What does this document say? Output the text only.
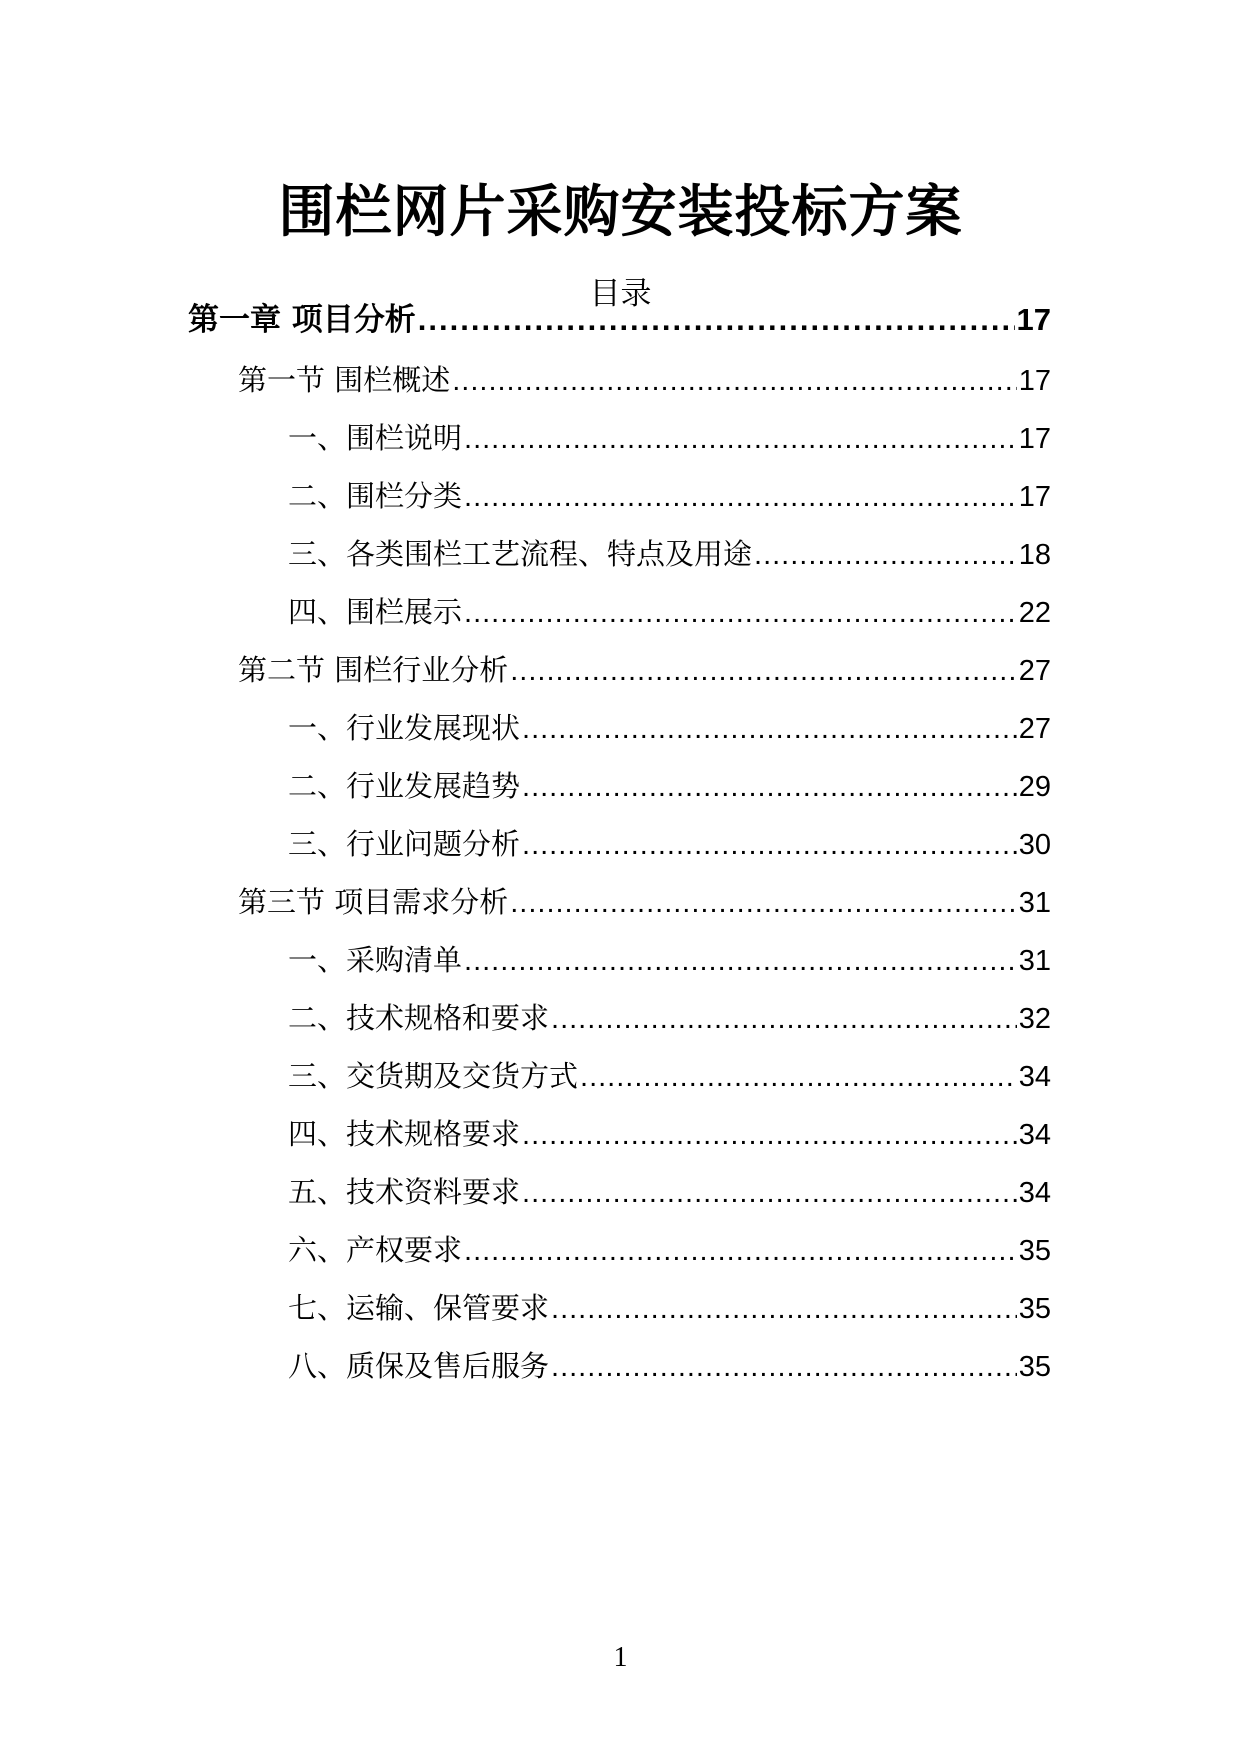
围栏网片采购安装投标方案
目录
第一章 项目分析 .....	17
第一节 围栏概述 .....	17
一、围栏说明 .....	17
二、围栏分类 .....	17
三、各类围栏工艺流程、特点及用途 .....	18
四、围栏展示 .....	22
第二节 围栏行业分析 .....	27
一、行业发展现状 .....	27
二、行业发展趋势 .....	29
三、行业问题分析 .....	30
第三节 项目需求分析 .....	31
一、采购清单 .....	31
二、技术规格和要求 .....	32
三、交货期及交货方式 .....	34
四、技术规格要求 .....	34
五、技术资料要求 .....	34
六、产权要求 .....	35
七、运输、保管要求 .....	35
八、质保及售后服务 .....	35
1
